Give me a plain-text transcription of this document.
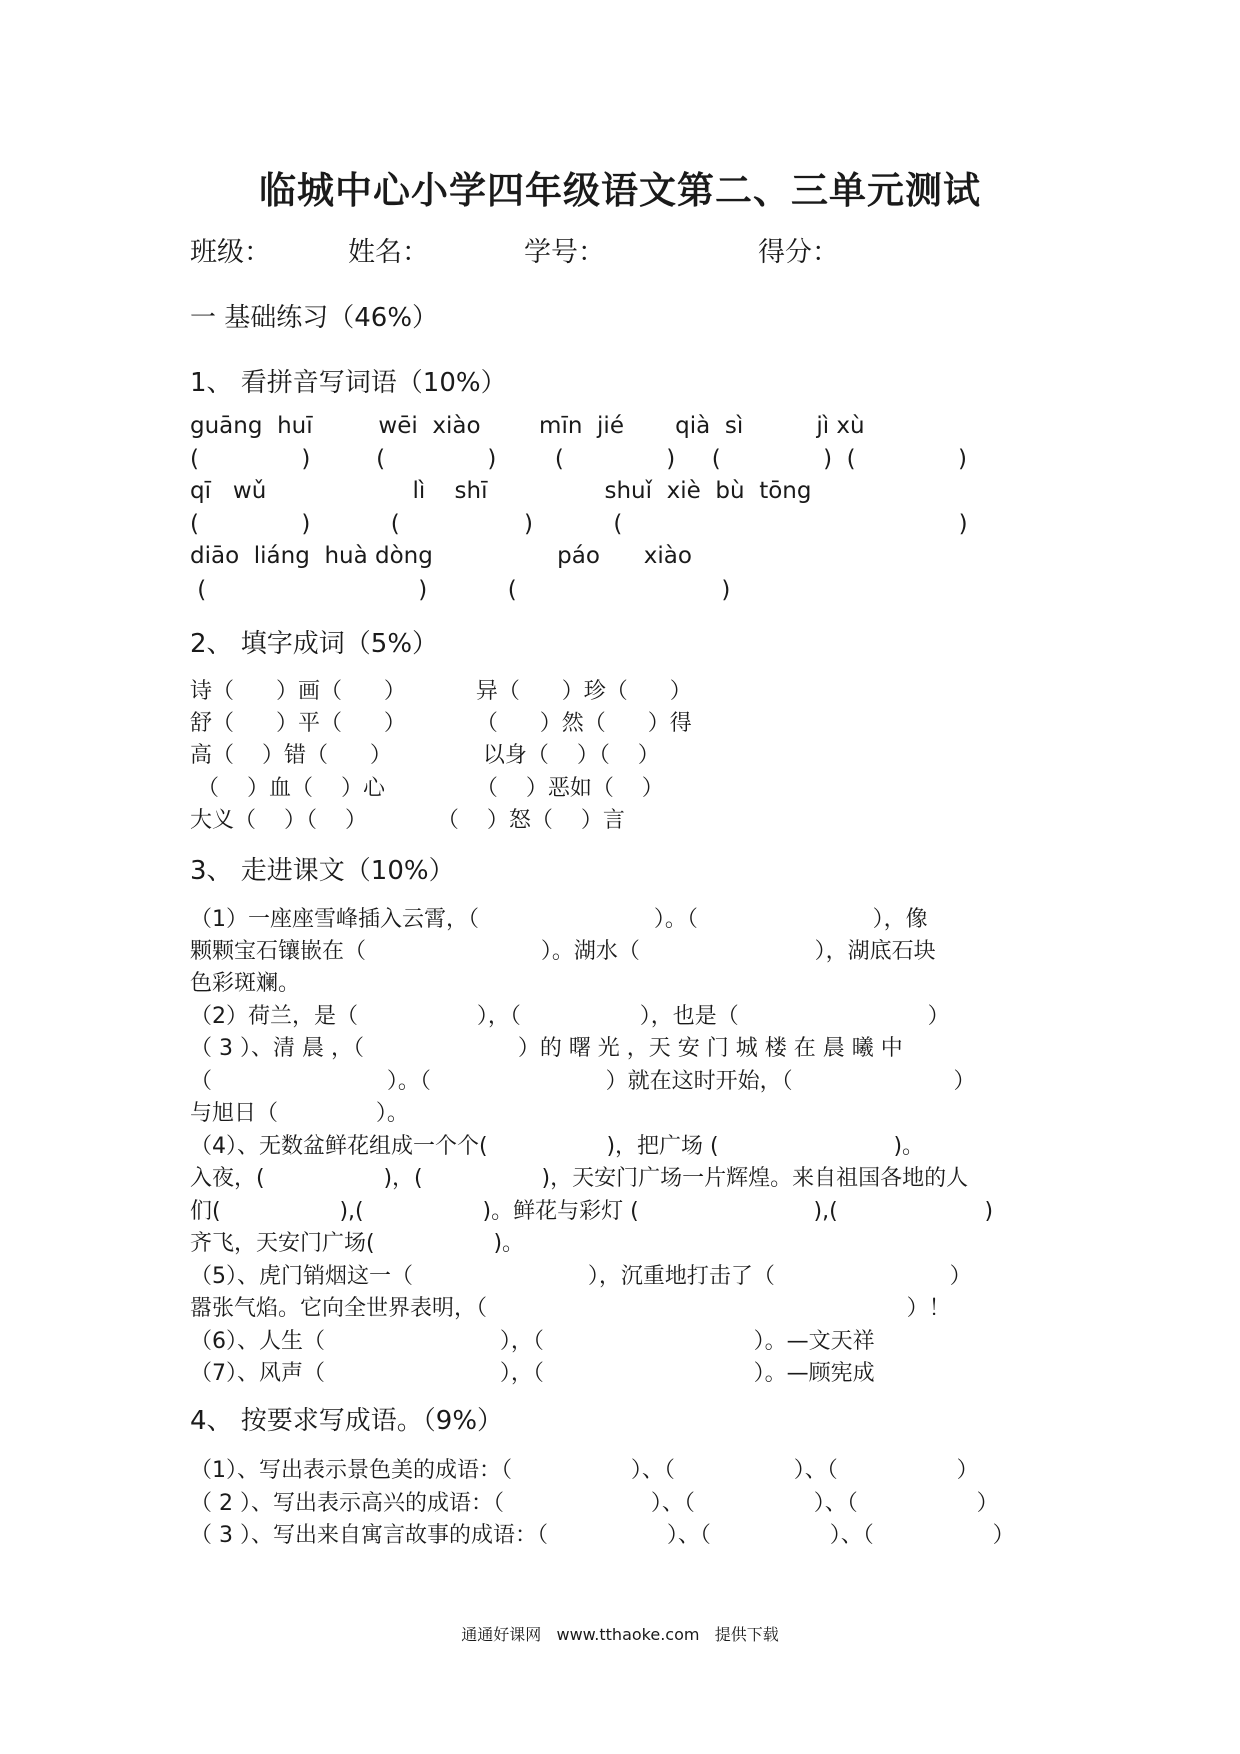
临城中心小学四年级语文第二、三单元测试
班级：	姓名：	学号：	得分：
一 基础练习（46%）
1、 看拼音写词语（10%）
guāng  huī         wēi  xiào        mīn  jié       qià  sì          jì xù
(              )         (              )        (              )     (              )  (              )
qī   wǔ                    lì    shī                shuǐ  xiè  bù  tōng
(              )           (                 )           (                                              )
diāo  liáng  huà dòng                 páo      xiào
(                             )           (                            )
2、 填字成词（5%）
诗（      ）画（      ）          异（      ）珍（      ）
舒（      ）平（      ）          （      ）然（      ）得
高（    ）错（      ）             以身（    ）（    ）
（    ）血（    ）心             （    ）恶如（    ）
大义（    ）（    ）          （    ）怒（    ）言
3、 走进课文（10%）
（1）一座座雪峰插入云霄，（                         ）。（                         ），像
颗颗宝石镶嵌在（                         ）。湖水（                         ），湖底石块
色彩斑斓。
（2）荷兰，是（                 ），（                 ），也是（                           ）
（ 3 ）、清 晨 ，（                      ）的 曙 光 ，天 安 门 城 楼 在 晨 曦 中
（                         ）。（                         ）就在这时开始，（                       ）
与旭日（              ）。
（4）、无数盆鲜花组成一个个(                 )，把广场 (                         )。
入夜，(                 )，(                 )，天安门广场一片辉煌。来自祖国各地的人
们(                 ),(                 )。鲜花与彩灯 (                         ),(                     )
齐飞，天安门广场(                 )。
（5）、虎门销烟这一（                         ），沉重地打击了（                         ）
嚣张气焰。它向全世界表明，（                                                            ）！
（6）、人生（                         ），（                              ）。—文天祥
（7）、风声（                         ），（                              ）。—顾宪成
4、 按要求写成语。（9%）
（1）、写出表示景色美的成语：（                 ）、（                 ）、（                 ）
（ 2 ）、写出表示高兴的成语：（                     ）、（                 ）、（                 ）
（ 3 ）、写出来自寓言故事的成语：（                 ）、（                 ）、（                 ）
通通好课网   www.tthaoke.com   提供下载
